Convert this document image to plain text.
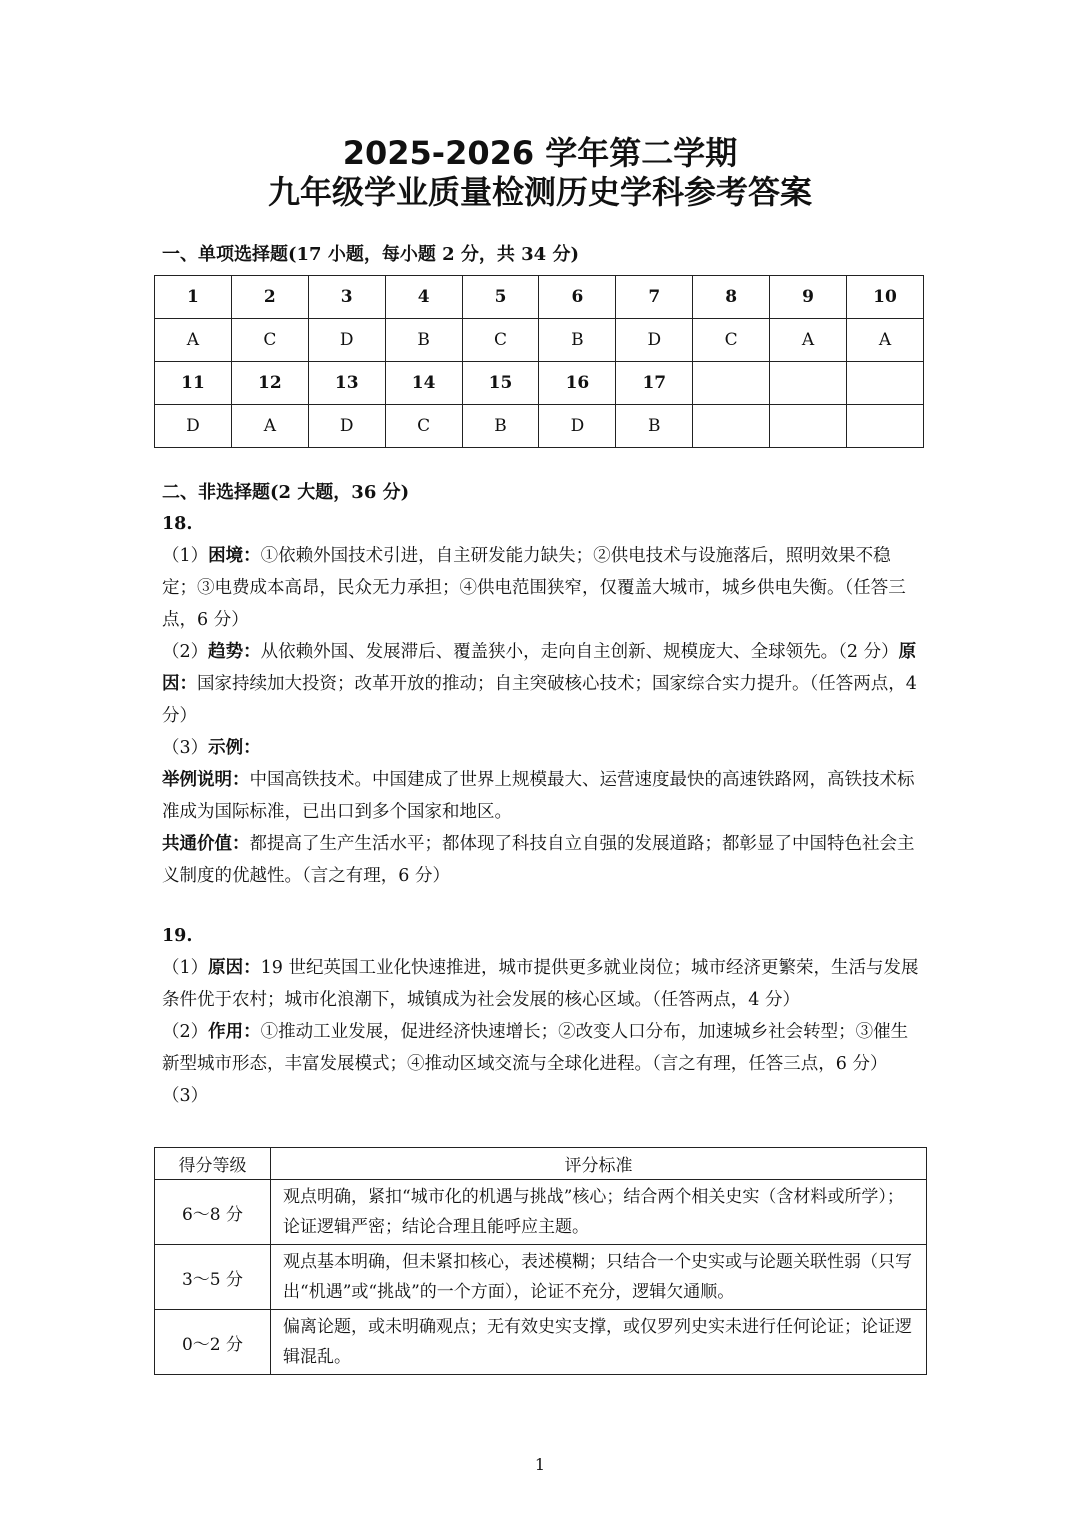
2025-2026 学年第二学期
九年级学业质量检测历史学科参考答案

一、单项选择题(17 小题，每小题 2 分，共 34 分)

1	2	3	4	5	6	7	8	9	10
A	C	D	B	C	B	D	C	A	A
11	12	13	14	15	16	17			
D	A	D	C	B	D	B			

二、非选择题(2 大题，36 分)

18.

（1）困境：①依赖外国技术引进，自主研发能力缺失；②供电技术与设施落后，照明效果不稳定；③电费成本高昂，民众无力承担；④供电范围狭窄，仅覆盖大城市，城乡供电失衡。（任答三点，6 分）

（2）趋势：从依赖外国、发展滞后、覆盖狭小，走向自主创新、规模庞大、全球领先。（2 分）原因：国家持续加大投资；改革开放的推动；自主突破核心技术；国家综合实力提升。（任答两点，4 分）

（3）示例：

举例说明：中国高铁技术。中国建成了世界上规模最大、运营速度最快的高速铁路网，高铁技术标准成为国际标准，已出口到多个国家和地区。

共通价值：都提高了生产生活水平；都体现了科技自立自强的发展道路；都彰显了中国特色社会主义制度的优越性。（言之有理，6 分）

19.

（1）原因：19 世纪英国工业化快速推进，城市提供更多就业岗位；城市经济更繁荣，生活与发展条件优于农村；城市化浪潮下，城镇成为社会发展的核心区域。（任答两点，4 分）

（2）作用：①推动工业发展，促进经济快速增长；②改变人口分布，加速城乡社会转型；③催生新型城市形态，丰富发展模式；④推动区域交流与全球化进程。（言之有理，任答三点，6 分）

（3）

得分等级	评分标准
6～8 分	观点明确，紧扣“城市化的机遇与挑战”核心；结合两个相关史实（含材料或所学）；论证逻辑严密；结论合理且能呼应主题。
3～5 分	观点基本明确，但未紧扣核心，表述模糊；只结合一个史实或与论题关联性弱（只写出“机遇”或“挑战”的一个方面），论证不充分，逻辑欠通顺。
0～2 分	偏离论题，或未明确观点；无有效史实支撑，或仅罗列史实未进行任何论证；论证逻辑混乱。

1
